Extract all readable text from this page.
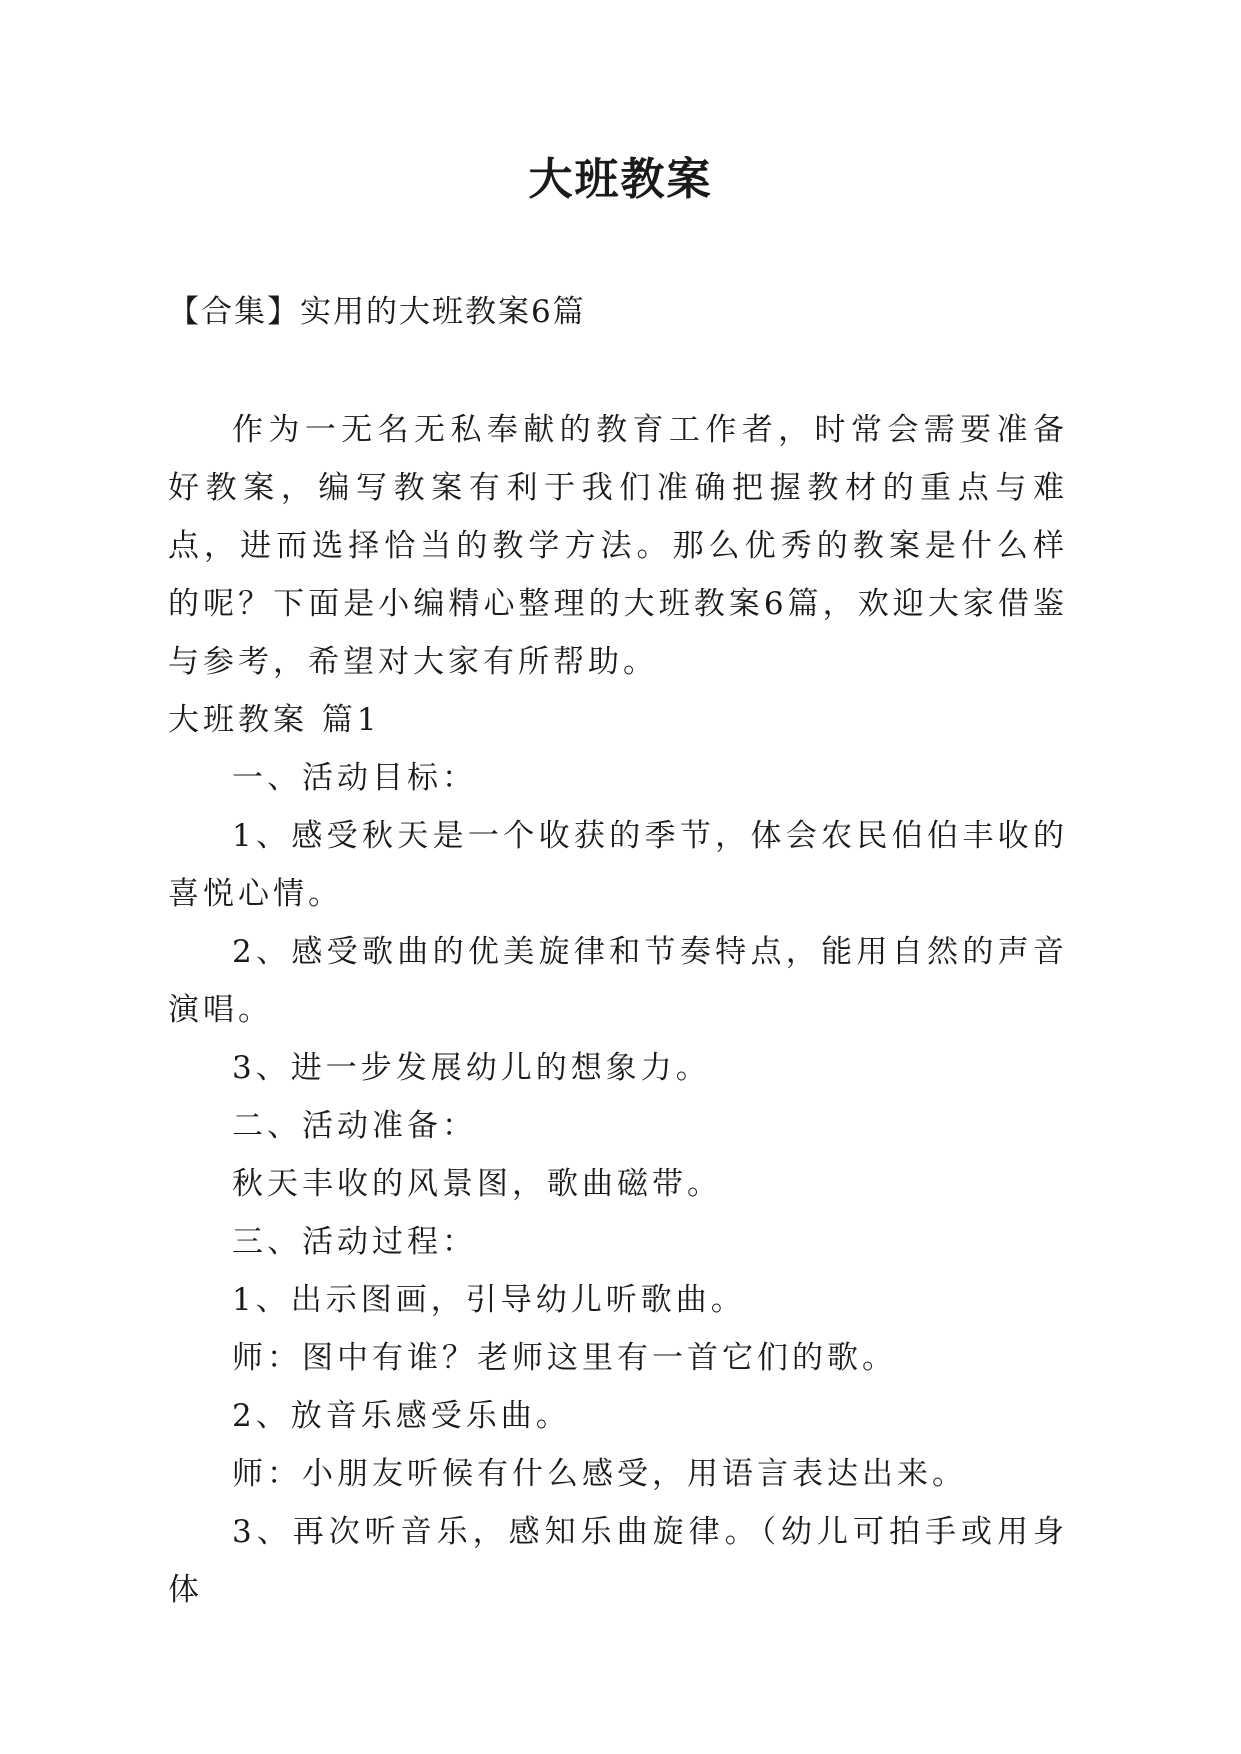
大班教案
【合集】实用的大班教案6篇

作为一无名无私奉献的教育工作者，时常会需要准备好教案，编写教案有利于我们准确把握教材的重点与难点，进而选择恰当的教学方法。那么优秀的教案是什么样的呢？下面是小编精心整理的大班教案6篇，欢迎大家借鉴与参考，希望对大家有所帮助。

大班教案 篇1

一、活动目标：

1、感受秋天是一个收获的季节，体会农民伯伯丰收的喜悦心情。

2、感受歌曲的优美旋律和节奏特点，能用自然的声音演唱。

3、进一步发展幼儿的想象力。

二、活动准备：

秋天丰收的风景图，歌曲磁带。

三、活动过程：

1、出示图画，引导幼儿听歌曲。

师：图中有谁？老师这里有一首它们的歌。

2、放音乐感受乐曲。

师：小朋友听候有什么感受，用语言表达出来。

3、再次听音乐，感知乐曲旋律。（幼儿可拍手或用身体
